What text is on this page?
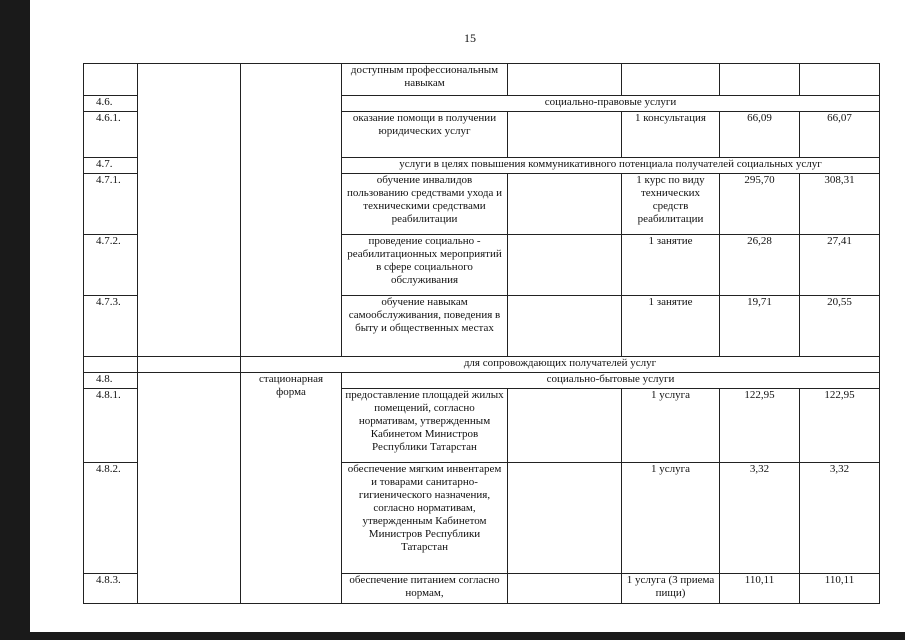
15
			доступным профессиональным навыкам				
4.6.			социально-правовые услуги				
4.6.1.			оказание помощи в получении юридических услуг		1 консультация	66,09	66,07
4.7.			услуги в целях повышения коммуникативного потенциала получателей социальных услуг				
4.7.1.			обучение инвалидов пользованию средствами ухода и техническими средствами реабилитации		1 курс по виду технических средств реабилитации	295,70	308,31
4.7.2.			проведение социально - реабилитационных мероприятий в сфере социального обслуживания		1 занятие	26,28	27,41
4.7.3.			обучение навыкам самообслуживания, поведения в быту и общественных местах		1 занятие	19,71	20,55
		для сопровождающих получателей услуг					
4.8.		стационарная форма	социально-бытовые услуги				
4.8.1.			предоставление площадей жилых помещений, согласно нормативам, утвержденным Кабинетом Министров Республики Татарстан		1 услуга	122,95	122,95
4.8.2.			обеспечение мягким инвентарем и товарами санитарно-гигиенического назначения, согласно нормативам, утвержденным Кабинетом Министров Республики Татарстан		1 услуга	3,32	3,32
4.8.3.			обеспечение питанием согласно нормам,		1 услуга (3 приема пищи)	110,11	110,11
